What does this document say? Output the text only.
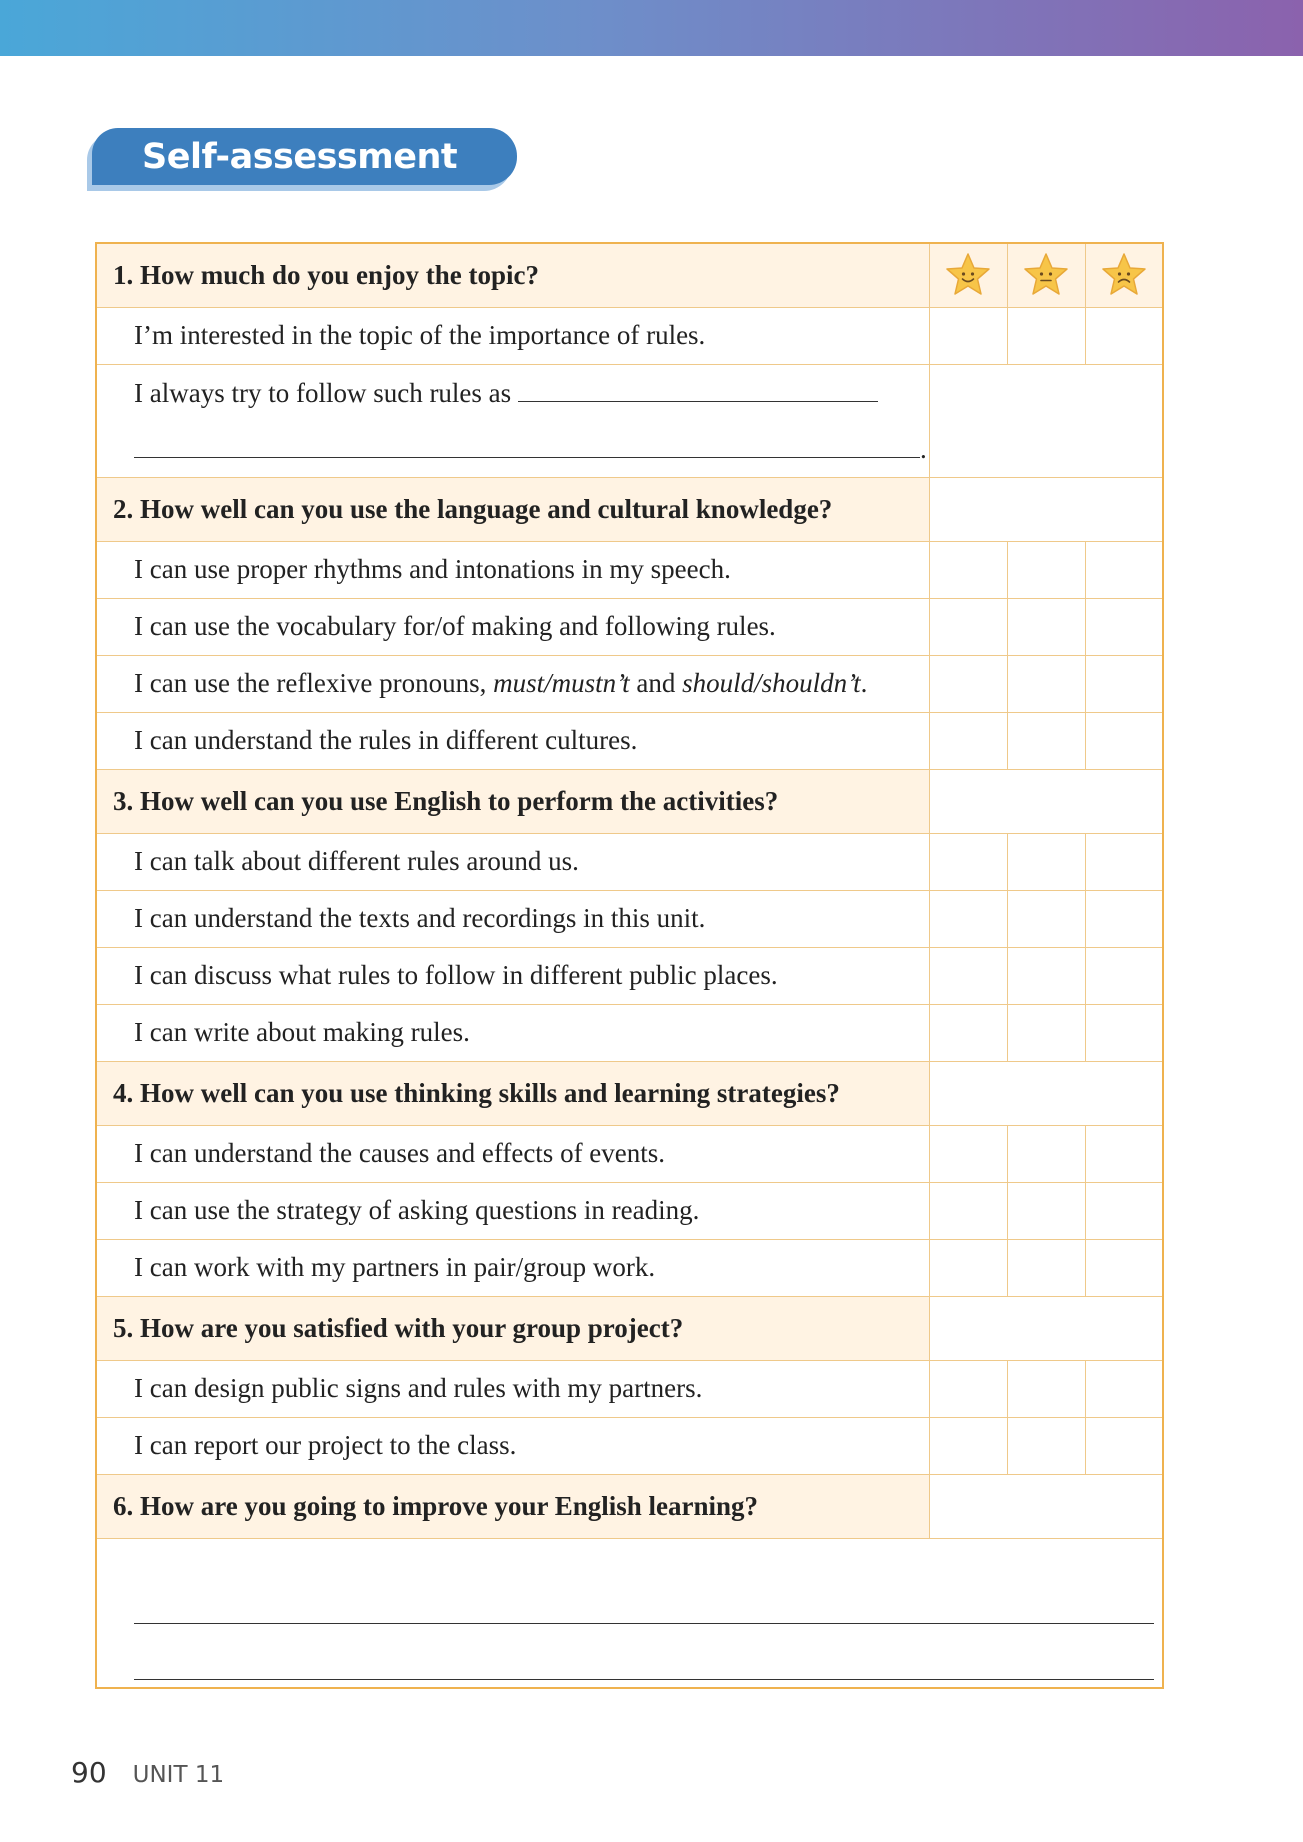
Self-assessment
1. How much do you enjoy the topic?			
I’m interested in the topic of the importance of rules.			
I always try to follow such rules as
.			
2. How well can you use the language and cultural knowledge?			
I can use proper rhythms and intonations in my speech.			
I can use the vocabulary for/of making and following rules.			
I can use the reflexive pronouns, must/mustn’t and should/shouldn’t.			
I can understand the rules in different cultures.			
3. How well can you use English to perform the activities?			
I can talk about different rules around us.			
I can understand the texts and recordings in this unit.			
I can discuss what rules to follow in different public places.			
I can write about making rules.			
4. How well can you use thinking skills and learning strategies?			
I can understand the causes and effects of events.			
I can use the strategy of asking questions in reading.			
I can work with my partners in pair/group work.			
5. How are you satisfied with your group project?			
I can design public signs and rules with my partners.			
I can report our project to the class.			
6. How are you going to improve your English learning?			

90 UNIT 11
